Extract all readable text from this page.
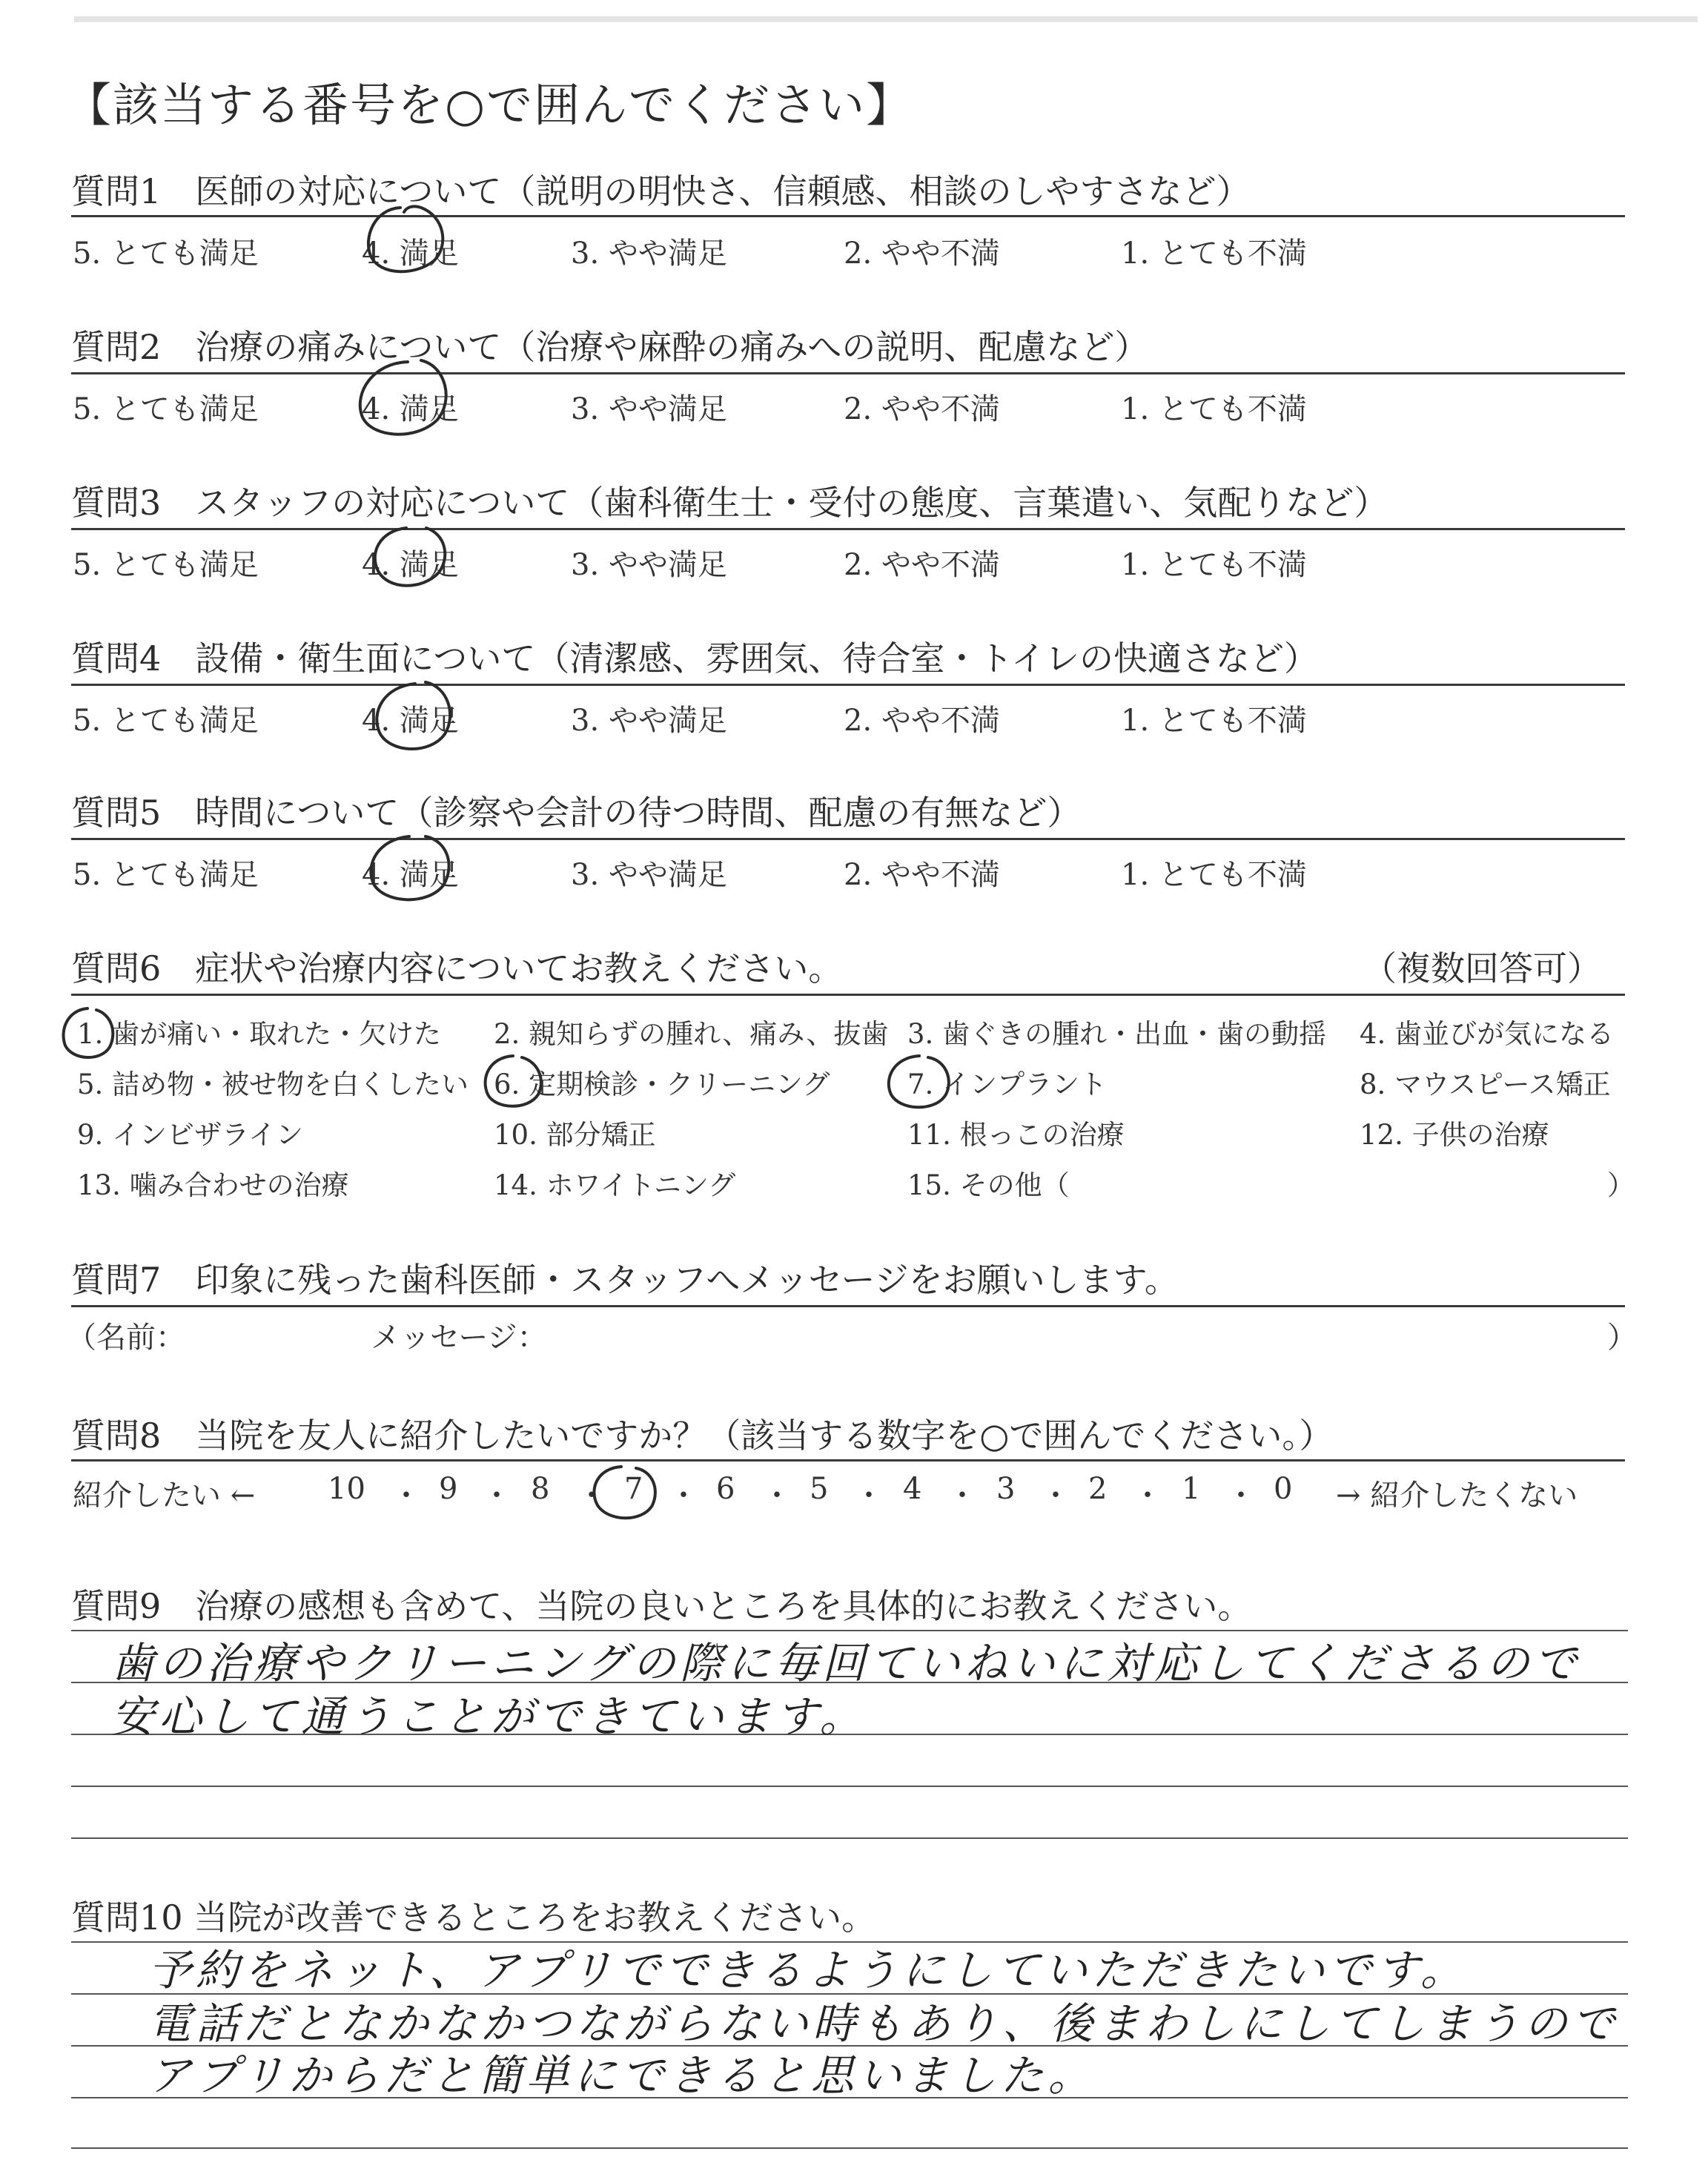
【該当する番号を○で囲んでください】
質問1　医師の対応について（説明の明快さ、信頼感、相談のしやすさなど）
5. とても満足	4. 満足	3. やや満足	2. やや不満	1. とても不満
質問2　治療の痛みについて（治療や麻酔の痛みへの説明、配慮など）
5. とても満足	4. 満足	3. やや満足	2. やや不満	1. とても不満
質問3　スタッフの対応について（歯科衛生士・受付の態度、言葉遣い、気配りなど）
5. とても満足	4. 満足	3. やや満足	2. やや不満	1. とても不満
質問4　設備・衛生面について（清潔感、雰囲気、待合室・トイレの快適さなど）
5. とても満足	4. 満足	3. やや満足	2. やや不満	1. とても不満
質問5　時間について（診察や会計の待つ時間、配慮の有無など）
5. とても満足	4. 満足	3. やや満足	2. やや不満	1. とても不満
質問6　症状や治療内容についてお教えください。	（複数回答可）
1. 歯が痛い・取れた・欠けた 2. 親知らずの腫れ、痛み、抜歯 3. 歯ぐきの腫れ・出血・歯の動揺 4. 歯並びが気になる
5. 詰め物・被せ物を白くしたい 6. 定期検診・クリーニング	7. インプラント	8. マウスピース矯正
9. インビザライン	10. 部分矯正	11. 根っこの治療	12. 子供の治療
13. 噛み合わせの治療	14. ホワイトニング	15. その他（	）
質問7　印象に残った歯科医師・スタッフへメッセージをお願いします。
（名前：	メッセージ：	）
質問8　当院を友人に紹介したいですか？（該当する数字を○で囲んでください。）
紹介したい ← 10 ・ 9 ・ 8 ・ 7 ・ 6 ・ 5 ・ 4 ・ 3 ・ 2 ・ 1 ・ 0 → 紹介したくない
質問9　治療の感想も含めて、当院の良いところを具体的にお教えください。
歯の治療やクリーニングの際に毎回ていねいに対応してくださるので
安心して通うことができています。
質問10 当院が改善できるところをお教えください。
予約をネット、アプリでできるようにしていただきたいです。
電話だとなかなかつながらない時もあり、後まわしにしてしまうので
アプリからだと簡単にできると思いました。
